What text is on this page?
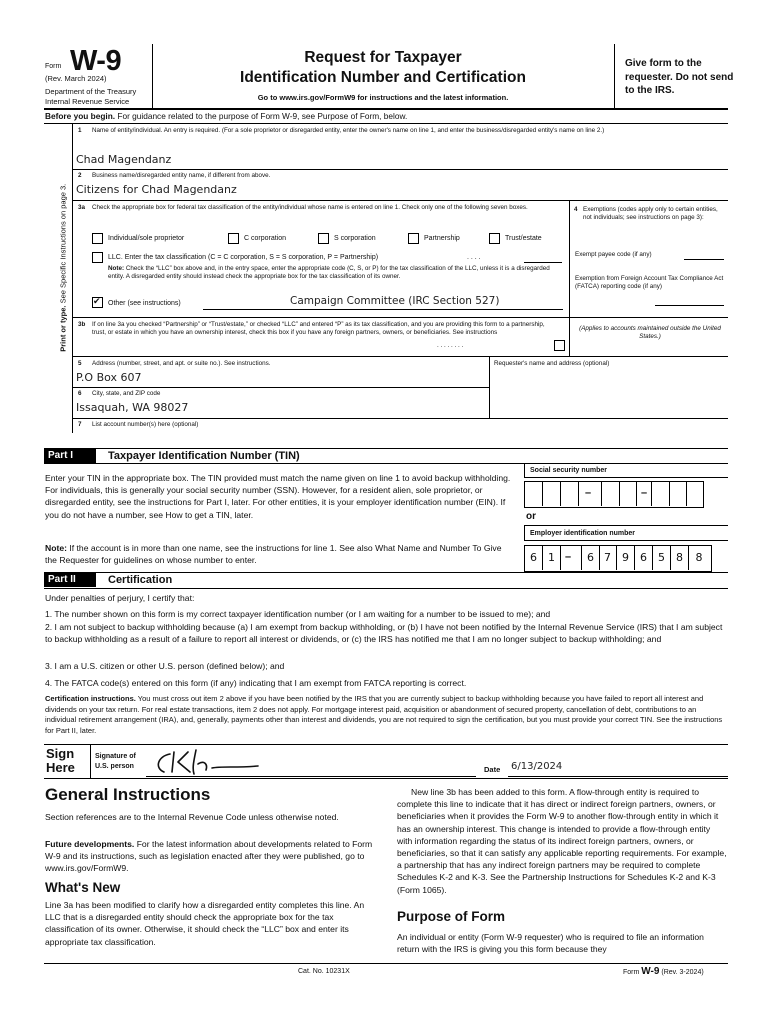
Form W-9
(Rev. March 2024)
Department of the Treasury
Internal Revenue Service
Request for Taxpayer
Identification Number and Certification
Go to www.irs.gov/FormW9 for instructions and the latest information.
Give form to the requester. Do not send to the IRS.
Before you begin. For guidance related to the purpose of Form W-9, see Purpose of Form, below.
Print or type. See Specific Instructions on page 3.
1 Name of entity/individual. An entry is required. (For a sole proprietor or disregarded entity, enter the owner's name on line 1, and enter the business/disregarded entity's name on line 2.)
Chad Magendanz
2 Business name/disregarded entity name, if different from above.
Citizens for Chad Magendanz
3a Check the appropriate box for federal tax classification of the entity/individual whose name is entered on line 1. Check only one of the following seven boxes.
Individual/sole proprietor	C corporation	S corporation	Partnership	Trust/estate
LLC. Enter the tax classification (C = C corporation, S = S corporation, P = Partnership)	. . . .
Note: Check the “LLC” box above and, in the entry space, enter the appropriate code (C, S, or P) for the tax classification of the LLC, unless it is a disregarded entity. A disregarded entity should instead check the appropriate box for the tax classification of its owner.
✔
Other (see instructions)	Campaign Committee (IRC Section 527)
3b If on line 3a you checked “Partnership” or “Trust/estate,” or checked “LLC” and entered “P” as its tax classification, and you are providing this form to a partnership, trust, or estate in which you have an ownership interest, check this box if you have any foreign partners, owners, or beneficiaries. See instructions
. . . . . . . .
4 Exemptions (codes apply only to certain entities, not individuals; see instructions on page 3):
Exempt payee code (if any)
Exemption from Foreign Account Tax Compliance Act (FATCA) reporting code (if any)
(Applies to accounts maintained outside the United States.)
5 Address (number, street, and apt. or suite no.). See instructions.
P.O Box 607
Requester's name and address (optional)
6 City, state, and ZIP code
Issaquah, WA 98027
7 List account number(s) here (optional)
Part I	Taxpayer Identification Number (TIN)
Enter your TIN in the appropriate box. The TIN provided must match the name given on line 1 to avoid backup withholding. For individuals, this is generally your social security number (SSN). However, for a resident alien, sole proprietor, or disregarded entity, see the instructions for Part I, later. For other entities, it is your employer identification number (EIN). If you do not have a number, see How to get a TIN, later.
Note: If the account is in more than one name, see the instructions for line 1. See also What Name and Number To Give the Requester for guidelines on whose number to enter.
Social security number
–	–
or
Employer identification number
6	1 –	6 7	9	6	5	8	8
Part II	Certification
Under penalties of perjury, I certify that:
1. The number shown on this form is my correct taxpayer identification number (or I am waiting for a number to be issued to me); and
2. I am not subject to backup withholding because (a) I am exempt from backup withholding, or (b) I have not been notified by the Internal Revenue Service (IRS) that I am subject to backup withholding as a result of a failure to report all interest or dividends, or (c) the IRS has notified me that I am no longer subject to backup withholding; and
3. I am a U.S. citizen or other U.S. person (defined below); and
4. The FATCA code(s) entered on this form (if any) indicating that I am exempt from FATCA reporting is correct.
Certification instructions. You must cross out item 2 above if you have been notified by the IRS that you are currently subject to backup withholding because you have failed to report all interest and dividends on your tax return. For real estate transactions, item 2 does not apply. For mortgage interest paid, acquisition or abandonment of secured property, cancellation of debt, contributions to an individual retirement arrangement (IRA), and, generally, payments other than interest and dividends, you are not required to sign the certification, but you must provide your correct TIN. See the instructions for Part II, later.
Sign
Here
Signature of
U.S. person	Date 6/13/2024
General Instructions
Section references are to the Internal Revenue Code unless otherwise noted.
Future developments. For the latest information about developments related to Form W-9 and its instructions, such as legislation enacted after they were published, go to www.irs.gov/FormW9.
What's New
Line 3a has been modified to clarify how a disregarded entity completes this line. An LLC that is a disregarded entity should check the appropriate box for the tax classification of its owner. Otherwise, it should check the “LLC” box and enter its appropriate tax classification.
New line 3b has been added to this form. A flow-through entity is required to complete this line to indicate that it has direct or indirect foreign partners, owners, or beneficiaries when it provides the Form W-9 to another flow-through entity in which it has an ownership interest. This change is intended to provide a flow-through entity with information regarding the status of its indirect foreign partners, owners, or beneficiaries, so that it can satisfy any applicable reporting requirements. For example, a partnership that has any indirect foreign partners may be required to complete Schedules K-2 and K-3. See the Partnership Instructions for Schedules K-2 and K-3 (Form 1065).
Purpose of Form
An individual or entity (Form W-9 requester) who is required to file an information return with the IRS is giving you this form because they
Cat. No. 10231X	Form W-9 (Rev. 3-2024)
